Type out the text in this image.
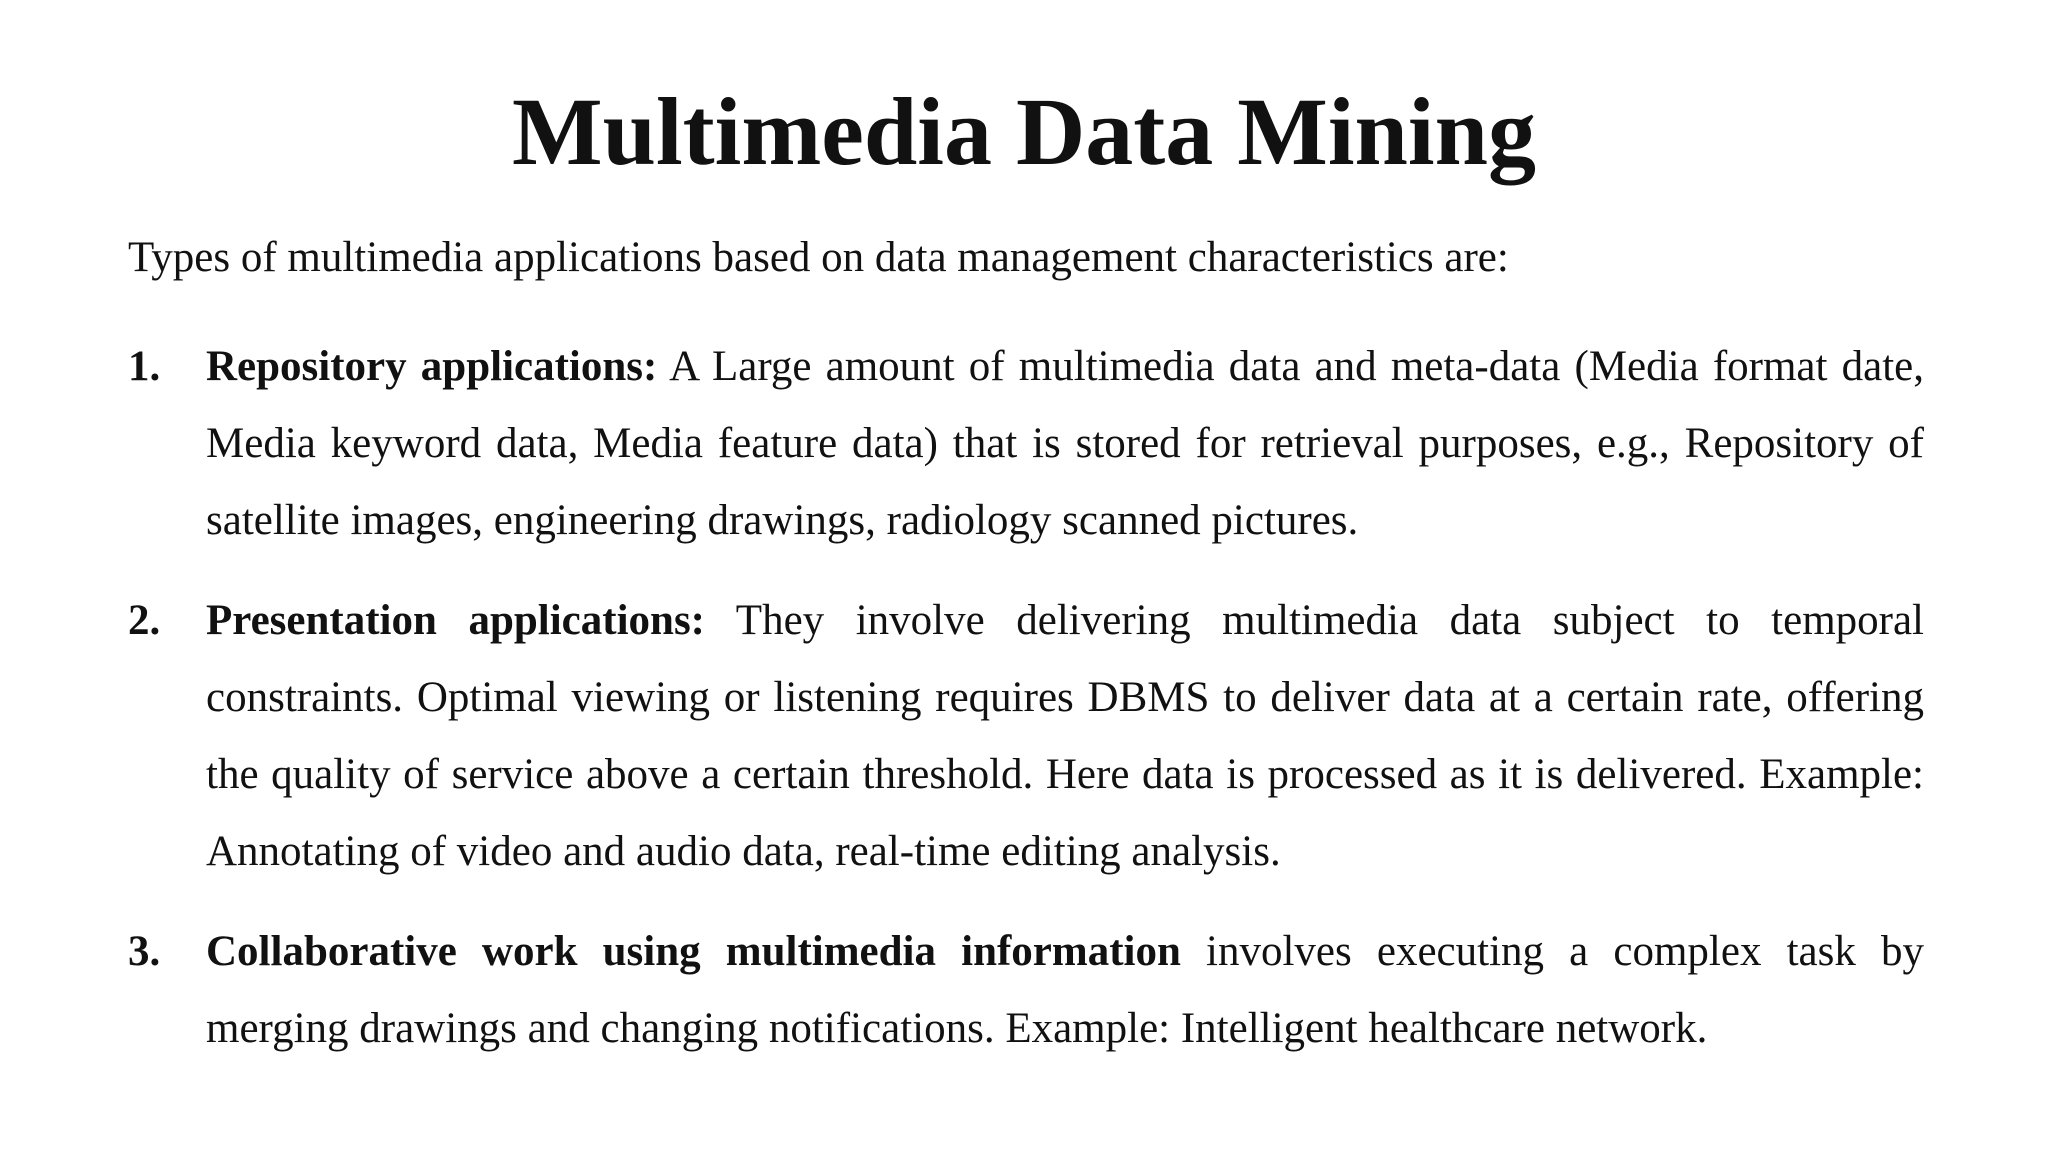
Multimedia Data Mining

Types of multimedia applications based on data management characteristics are:

1. Repository applications: A Large amount of multimedia data and meta-data (Media format date, Media keyword data, Media feature data) that is stored for retrieval purposes, e.g., Repository of satellite images, engineering drawings, radiology scanned pictures.
2. Presentation applications: They involve delivering multimedia data subject to temporal constraints. Optimal viewing or listening requires DBMS to deliver data at a certain rate, offering the quality of service above a certain threshold. Here data is processed as it is delivered. Example: Annotating of video and audio data, real-time editing analysis.
3. Collaborative work using multimedia information involves executing a complex task by merging drawings and changing notifications. Example: Intelligent healthcare network.
